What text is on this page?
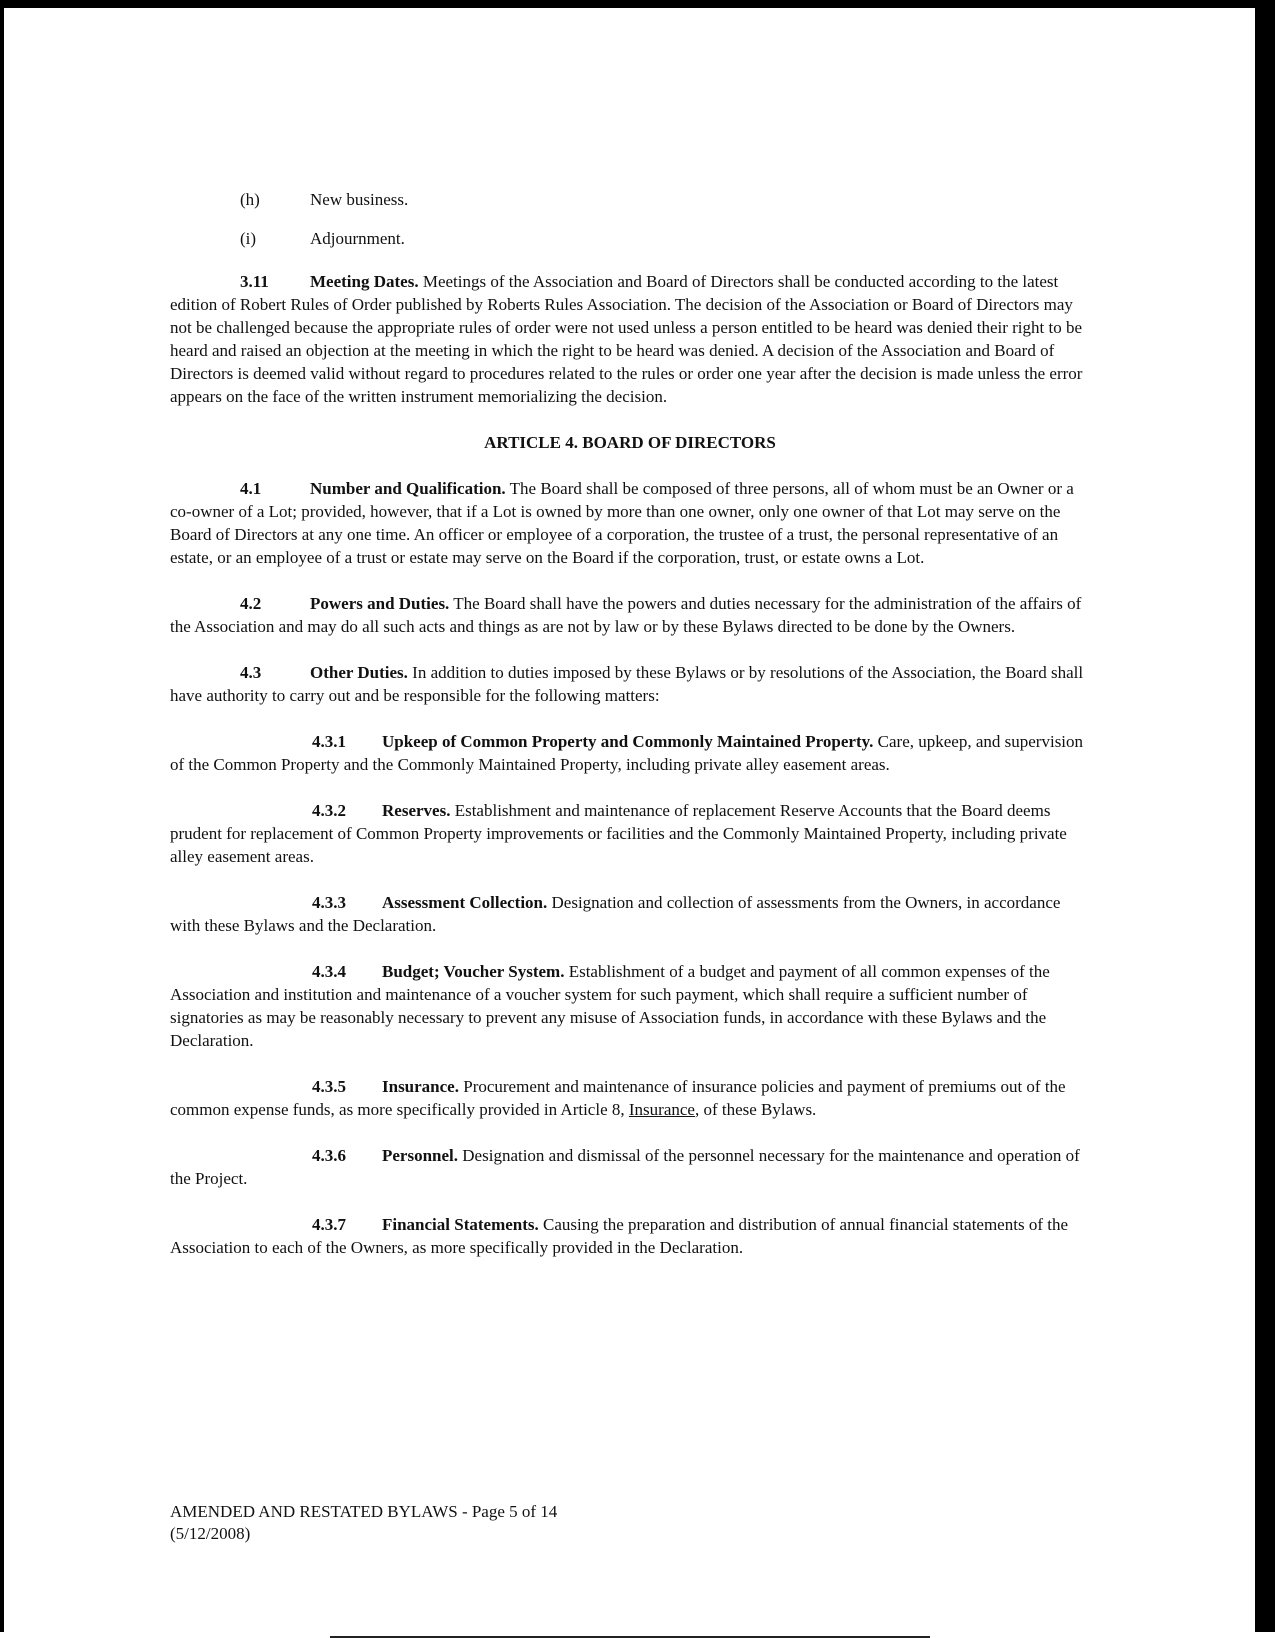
(h)	New business.
(i)	Adjournment.

3.11 Meeting Dates. Meetings of the Association and Board of Directors shall be conducted according to the latest edition of Robert Rules of Order published by Roberts Rules Association. The decision of the Association or Board of Directors may not be challenged because the appropriate rules of order were not used unless a person entitled to be heard was denied their right to be heard and raised an objection at the meeting in which the right to be heard was denied. A decision of the Association and Board of Directors is deemed valid without regard to procedures related to the rules or order one year after the decision is made unless the error appears on the face of the written instrument memorializing the decision.

ARTICLE 4. BOARD OF DIRECTORS

4.1	Number and Qualification. The Board shall be composed of three persons, all of whom must be an Owner or a co-owner of a Lot; provided, however, that if a Lot is owned by more than one owner, only one owner of that Lot may serve on the Board of Directors at any one time. An officer or employee of a corporation, the trustee of a trust, the personal representative of an estate, or an employee of a trust or estate may serve on the Board if the corporation, trust, or estate owns a Lot.

4.2	Powers and Duties. The Board shall have the powers and duties necessary for the administration of the affairs of the Association and may do all such acts and things as are not by law or by these Bylaws directed to be done by the Owners.

4.3	Other Duties. In addition to duties imposed by these Bylaws or by resolutions of the Association, the Board shall have authority to carry out and be responsible for the following matters:

4.3.1 Upkeep of Common Property and Commonly Maintained Property. Care, upkeep, and supervision of the Common Property and the Commonly Maintained Property, including private alley easement areas.

4.3.2 Reserves. Establishment and maintenance of replacement Reserve Accounts that the Board deems prudent for replacement of Common Property improvements or facilities and the Commonly Maintained Property, including private alley easement areas.

4.3.3 Assessment Collection. Designation and collection of assessments from the Owners, in accordance with these Bylaws and the Declaration.

4.3.4 Budget; Voucher System. Establishment of a budget and payment of all common expenses of the Association and institution and maintenance of a voucher system for such payment, which shall require a sufficient number of signatories as may be reasonably necessary to prevent any misuse of Association funds, in accordance with these Bylaws and the Declaration.

4.3.5 Insurance. Procurement and maintenance of insurance policies and payment of premiums out of the common expense funds, as more specifically provided in Article 8, Insurance, of these Bylaws.

4.3.6 Personnel. Designation and dismissal of the personnel necessary for the maintenance and operation of the Project.

4.3.7 Financial Statements. Causing the preparation and distribution of annual financial statements of the Association to each of the Owners, as more specifically provided in the Declaration.

AMENDED AND RESTATED BYLAWS - Page 5 of 14
(5/12/2008)
